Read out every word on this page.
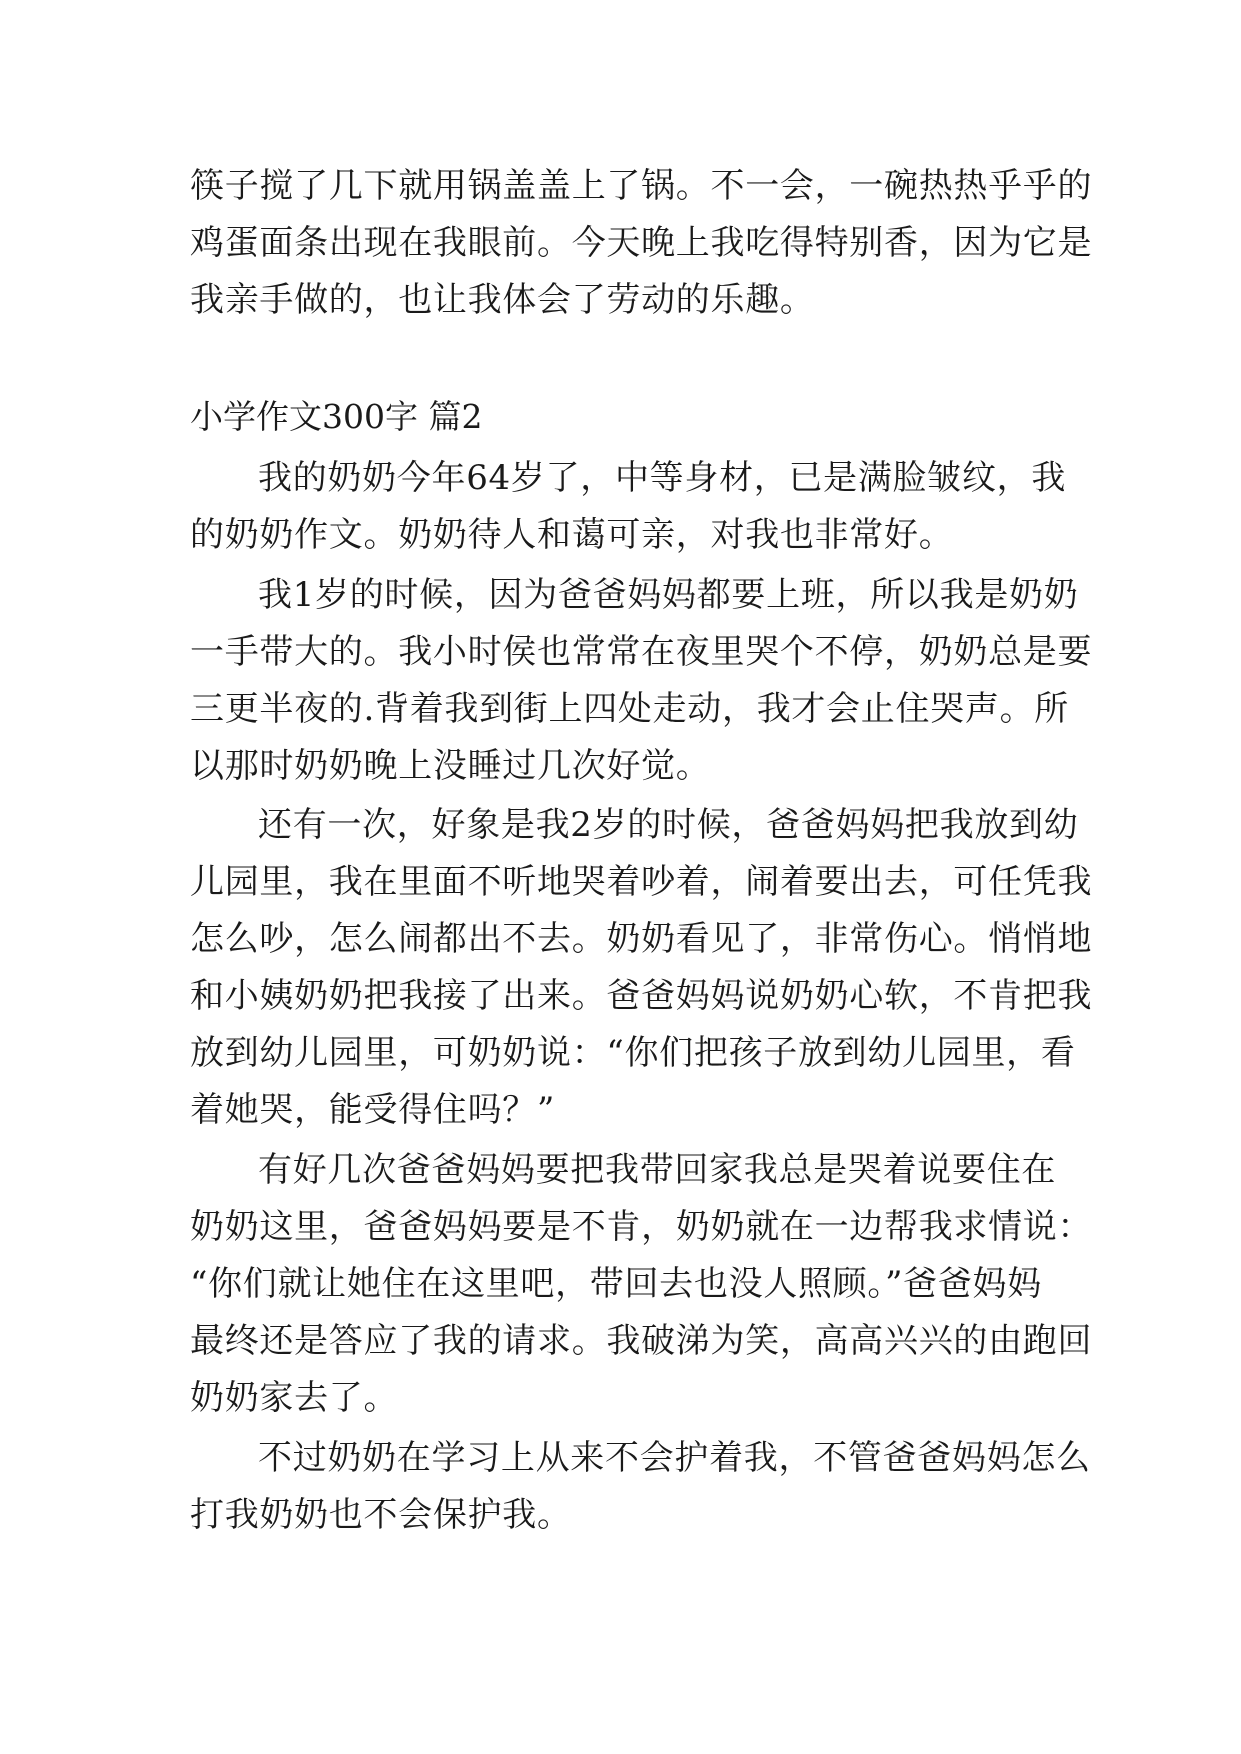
筷子搅了几下就用锅盖盖上了锅。不一会，一碗热热乎乎的
鸡蛋面条出现在我眼前。今天晚上我吃得特别香，因为它是
我亲手做的，也让我体会了劳动的乐趣。
小学作文300字 篇2
我的奶奶今年64岁了，中等身材，已是满脸皱纹，我
的奶奶作文。奶奶待人和蔼可亲，对我也非常好。
我1岁的时候，因为爸爸妈妈都要上班，所以我是奶奶
一手带大的。我小时侯也常常在夜里哭个不停，奶奶总是要
三更半夜的.背着我到街上四处走动，我才会止住哭声。所
以那时奶奶晚上没睡过几次好觉。
还有一次，好象是我2岁的时候，爸爸妈妈把我放到幼
儿园里，我在里面不听地哭着吵着，闹着要出去，可任凭我
怎么吵，怎么闹都出不去。奶奶看见了，非常伤心。悄悄地
和小姨奶奶把我接了出来。爸爸妈妈说奶奶心软，不肯把我
放到幼儿园里，可奶奶说：“你们把孩子放到幼儿园里，看
着她哭，能受得住吗？”
有好几次爸爸妈妈要把我带回家我总是哭着说要住在
奶奶这里，爸爸妈妈要是不肯，奶奶就在一边帮我求情说：
“你们就让她住在这里吧，带回去也没人照顾。”爸爸妈妈
最终还是答应了我的请求。我破涕为笑，高高兴兴的由跑回
奶奶家去了。
不过奶奶在学习上从来不会护着我，不管爸爸妈妈怎么
打我奶奶也不会保护我。
